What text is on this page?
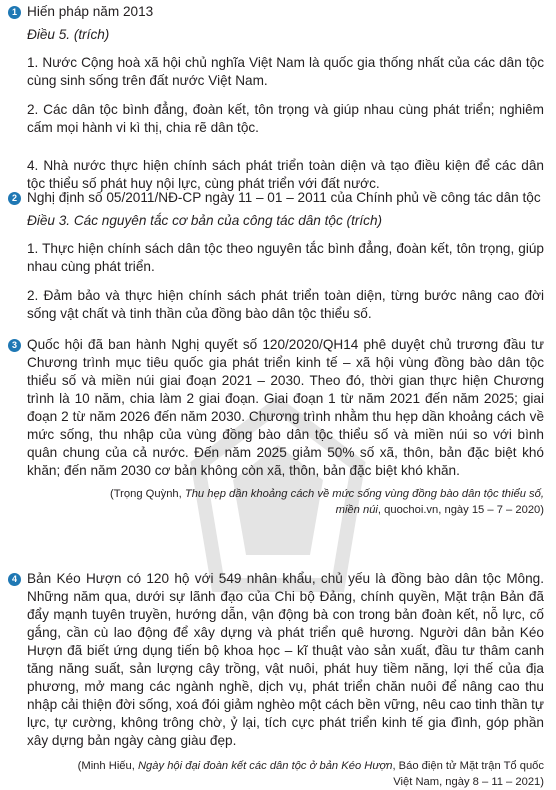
1 Hiến pháp năm 2013

Điều 5. (trích)

1. Nước Cộng hoà xã hội chủ nghĩa Việt Nam là quốc gia thống nhất của các dân tộc cùng sinh sống trên đất nước Việt Nam.

2. Các dân tộc bình đẳng, đoàn kết, tôn trọng và giúp nhau cùng phát triển; nghiêm cấm mọi hành vi kì thị, chia rẽ dân tộc.

4. Nhà nước thực hiện chính sách phát triển toàn diện và tạo điều kiện để các dân tộc thiểu số phát huy nội lực, cùng phát triển với đất nước.

2 Nghị định số 05/2011/NĐ-CP ngày 11 – 01 – 2011 của Chính phủ về công tác dân tộc

Điều 3. Các nguyên tắc cơ bản của công tác dân tộc (trích)

1. Thực hiện chính sách dân tộc theo nguyên tắc bình đẳng, đoàn kết, tôn trọng, giúp nhau cùng phát triển.

2. Đảm bảo và thực hiện chính sách phát triển toàn diện, từng bước nâng cao đời sống vật chất và tinh thần của đồng bào dân tộc thiểu số.

3 Quốc hội đã ban hành Nghị quyết số 120/2020/QH14 phê duyệt chủ trương đầu tư Chương trình mục tiêu quốc gia phát triển kinh tế – xã hội vùng đồng bào dân tộc thiểu số và miền núi giai đoạn 2021 – 2030. Theo đó, thời gian thực hiện Chương trình là 10 năm, chia làm 2 giai đoạn. Giai đoạn 1 từ năm 2021 đến năm 2025; giai đoạn 2 từ năm 2026 đến năm 2030. Chương trình nhằm thu hẹp dần khoảng cách về mức sống, thu nhập của vùng đồng bào dân tộc thiểu số và miền núi so với bình quân chung của cả nước. Đến năm 2025 giảm 50% số xã, thôn, bản đặc biệt khó khăn; đến năm 2030 cơ bản không còn xã, thôn, bản đặc biệt khó khăn.

(Trọng Quỳnh, Thu hẹp dần khoảng cách về mức sống vùng đồng bào dân tộc thiểu số, miền núi, quochoi.vn, ngày 15 – 7 – 2020)

4 Bản Kéo Hượn có 120 hộ với 549 nhân khẩu, chủ yếu là đồng bào dân tộc Mông. Những năm qua, dưới sự lãnh đạo của Chi bộ Đảng, chính quyền, Mặt trận Bản đã đẩy mạnh tuyên truyền, hướng dẫn, vận động bà con trong bản đoàn kết, nỗ lực, cố gắng, cần cù lao động để xây dựng và phát triển quê hương. Người dân bản Kéo Hượn đã biết ứng dụng tiến bộ khoa học – kĩ thuật vào sản xuất, đầu tư thâm canh tăng năng suất, sản lượng cây trồng, vật nuôi, phát huy tiềm năng, lợi thế của địa phương, mở mang các ngành nghề, dịch vụ, phát triển chăn nuôi để nâng cao thu nhập cải thiện đời sống, xoá đói giảm nghèo một cách bền vững, nêu cao tinh thần tự lực, tự cường, không trông chờ, ỷ lại, tích cực phát triển kinh tế gia đình, góp phần xây dựng bản ngày càng giàu đẹp.

(Minh Hiếu, Ngày hội đại đoàn kết các dân tộc ở bản Kéo Hượn, Báo điện tử Mặt trận Tổ quốc Việt Nam, ngày 8 – 11 – 2021)
